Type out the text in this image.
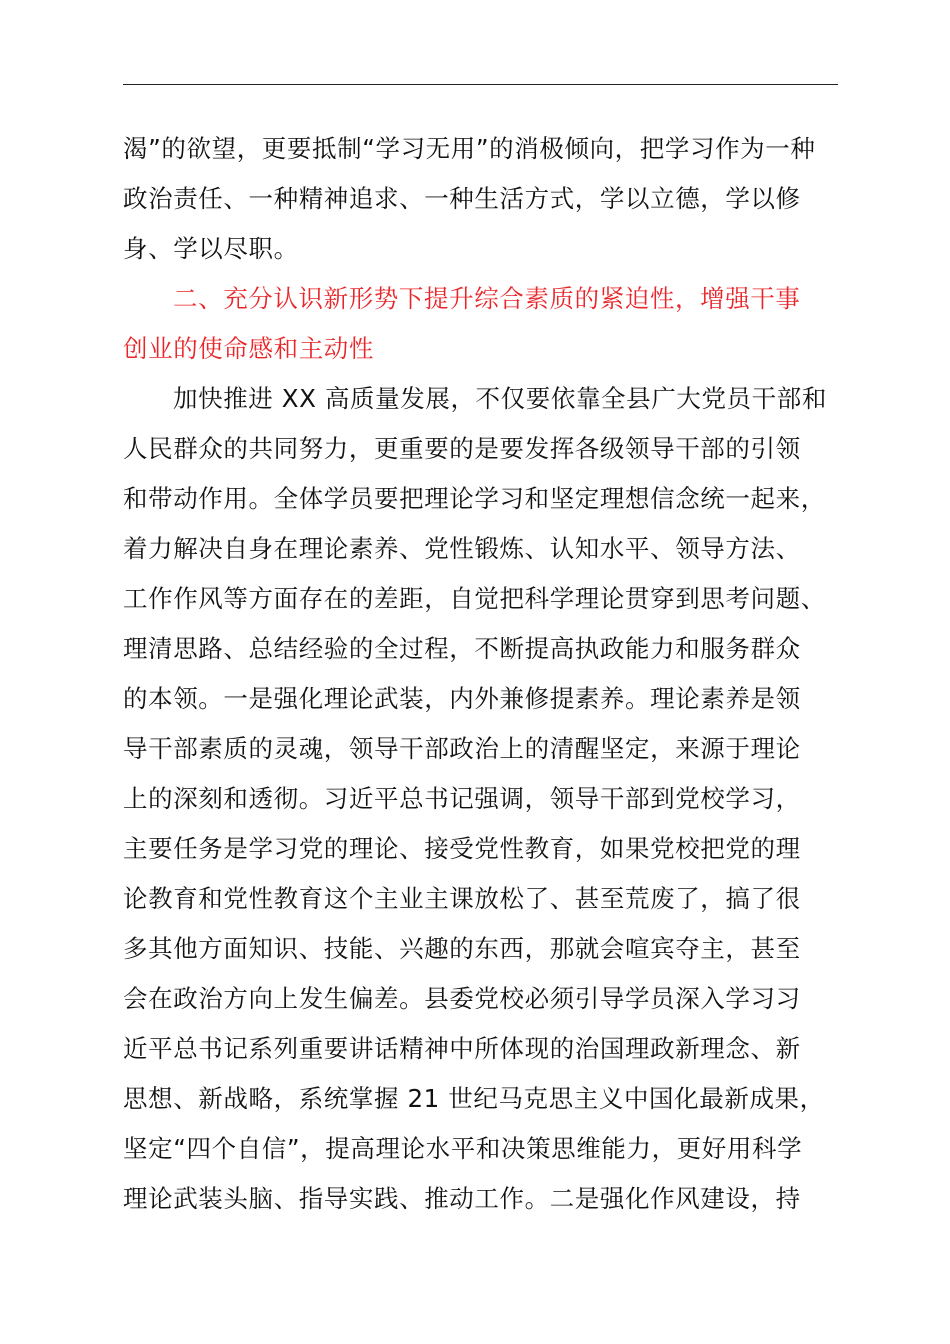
渴”的欲望，更要抵制“学习无用”的消极倾向，把学习作为一种
政治责任、一种精神追求、一种生活方式，学以立德，学以修
身、学以尽职。
二、充分认识新形势下提升综合素质的紧迫性，增强干事
创业的使命感和主动性
加快推进 XX 高质量发展，不仅要依靠全县广大党员干部和
人民群众的共同努力，更重要的是要发挥各级领导干部的引领
和带动作用。全体学员要把理论学习和坚定理想信念统一起来，
着力解决自身在理论素养、党性锻炼、认知水平、领导方法、
工作作风等方面存在的差距，自觉把科学理论贯穿到思考问题、
理清思路、总结经验的全过程，不断提高执政能力和服务群众
的本领。一是强化理论武装，内外兼修提素养。理论素养是领
导干部素质的灵魂，领导干部政治上的清醒坚定，来源于理论
上的深刻和透彻。习近平总书记强调，领导干部到党校学习，
主要任务是学习党的理论、接受党性教育，如果党校把党的理
论教育和党性教育这个主业主课放松了、甚至荒废了，搞了很
多其他方面知识、技能、兴趣的东西，那就会喧宾夺主，甚至
会在政治方向上发生偏差。县委党校必须引导学员深入学习习
近平总书记系列重要讲话精神中所体现的治国理政新理念、新
思想、新战略，系统掌握 21 世纪马克思主义中国化最新成果，
坚定“四个自信”，提高理论水平和决策思维能力，更好用科学
理论武装头脑、指导实践、推动工作。二是强化作风建设，持
